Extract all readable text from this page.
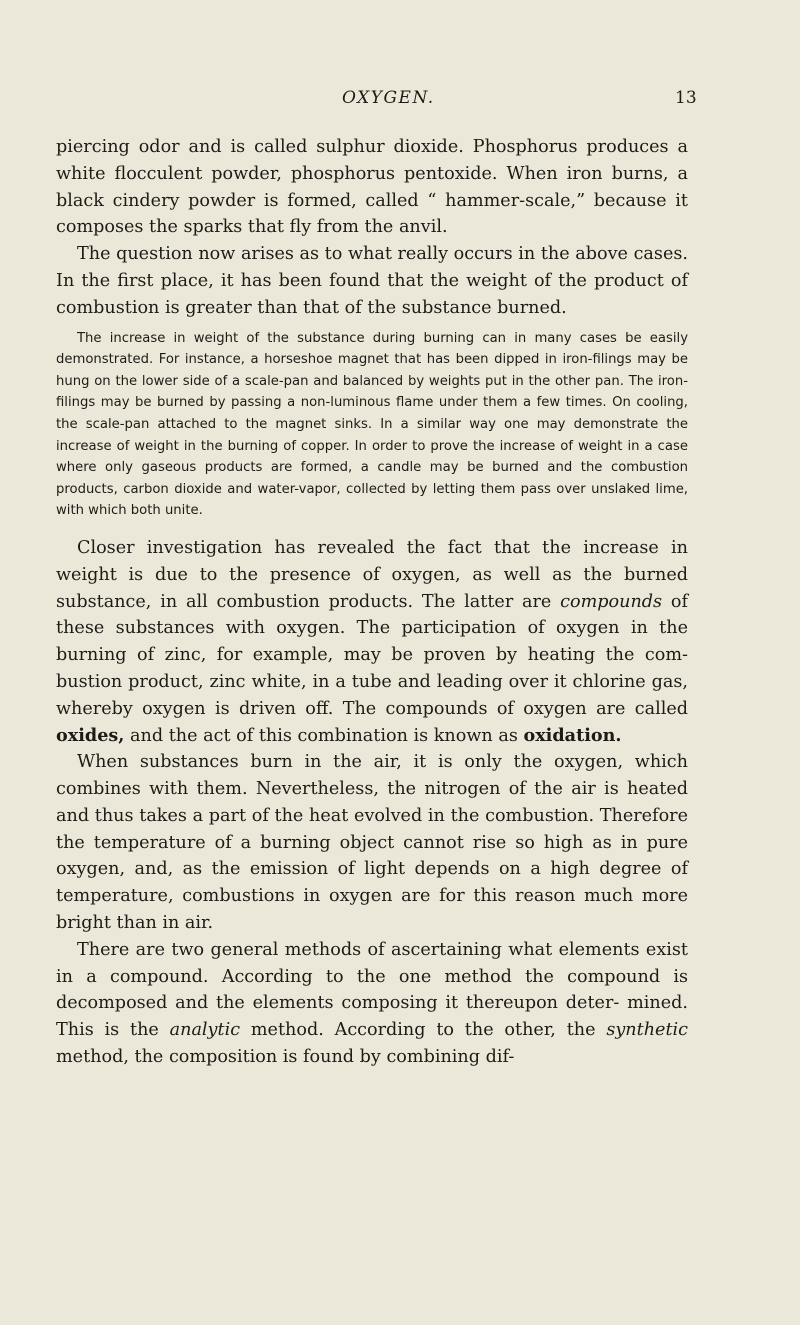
OXYGEN.	13

piercing odor and is called sulphur dioxide. Phosphorus produces a white flocculent powder, phosphorus pentoxide. When iron burns, a black cindery powder is formed, called “ hammer-scale,” because it composes the sparks that fly from the anvil.

The question now arises as to what really occurs in the above cases. In the first place, it has been found that the weight of the product of combustion is greater than that of the substance burned.

The increase in weight of the substance during burning can in many cases be easily demonstrated. For instance, a horseshoe magnet that has been dipped in iron-filings may be hung on the lower side of a scale-pan and balanced by weights put in the other pan. The iron-filings may be burned by passing a non-luminous flame under them a few times. On cooling, the scale-pan attached to the magnet sinks. In a similar way one may demonstrate the increase of weight in the burning of copper. In order to prove the increase of weight in a case where only gaseous products are formed, a candle may be burned and the combustion products, carbon dioxide and water-vapor, collected by letting them pass over unslaked lime, with which both unite.

Closer investigation has revealed the fact that the increase in weight is due to the presence of oxygen, as well as the burned substance, in all combustion products. The latter are compounds of these substances with oxygen. The participation of oxygen in the burning of zinc, for example, may be proven by heating the com- bustion product, zinc white, in a tube and leading over it chlorine gas, whereby oxygen is driven off. The compounds of oxygen are called oxides, and the act of this combination is known as oxidation.

When substances burn in the air, it is only the oxygen, which combines with them. Nevertheless, the nitrogen of the air is heated and thus takes a part of the heat evolved in the combustion. Therefore the temperature of a burning object cannot rise so high as in pure oxygen, and, as the emission of light depends on a high degree of temperature, combustions in oxygen are for this reason much more bright than in air.

There are two general methods of ascertaining what elements exist in a compound. According to the one method the compound is decomposed and the elements composing it thereupon deter- mined. This is the analytic method. According to the other, the synthetic method, the composition is found by combining dif-
